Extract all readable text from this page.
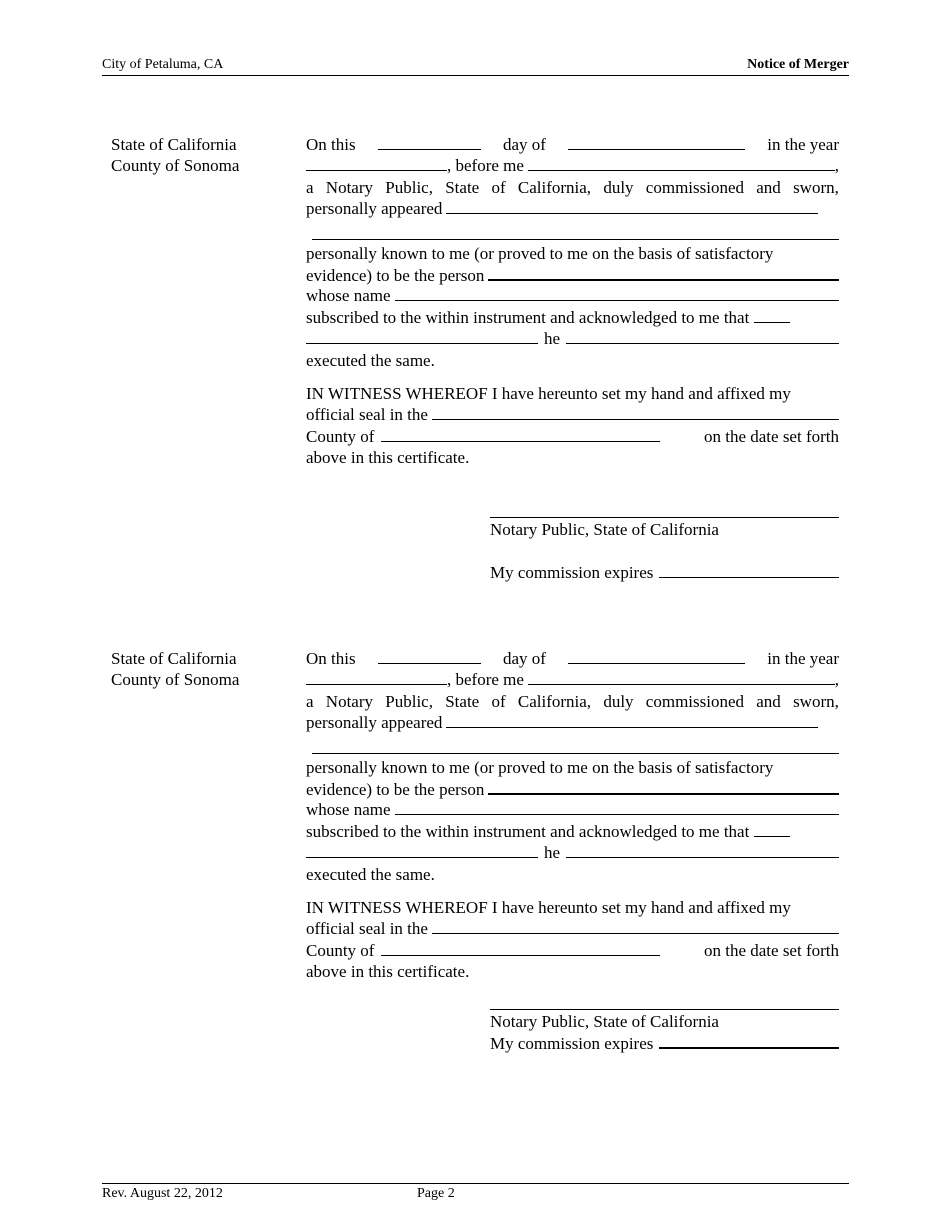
City of Petaluma, CA	Notice of Merger
State of California
County of Sonoma
On this	day of	in the year
, before me	,
a Notary Public, State of California, duly commissioned and sworn,
personally appeared
personally known to me (or proved to me on the basis of satisfactory
evidence) to be the person
whose name
subscribed to the within instrument and acknowledged to me that
he
executed the same.
IN WITNESS WHEREOF I have hereunto set my hand and affixed my
official seal in the
County of	on the date set forth
above in this certificate.
Notary Public, State of California
My commission expires
State of California
County of Sonoma
On this	day of	in the year
, before me	,
a Notary Public, State of California, duly commissioned and sworn,
personally appeared
personally known to me (or proved to me on the basis of satisfactory
evidence) to be the person
whose name
subscribed to the within instrument and acknowledged to me that
he
executed the same.
IN WITNESS WHEREOF I have hereunto set my hand and affixed my
official seal in the
County of	on the date set forth
above in this certificate.
Notary Public, State of California
My commission expires
Rev. August 22, 2012	Page 2
